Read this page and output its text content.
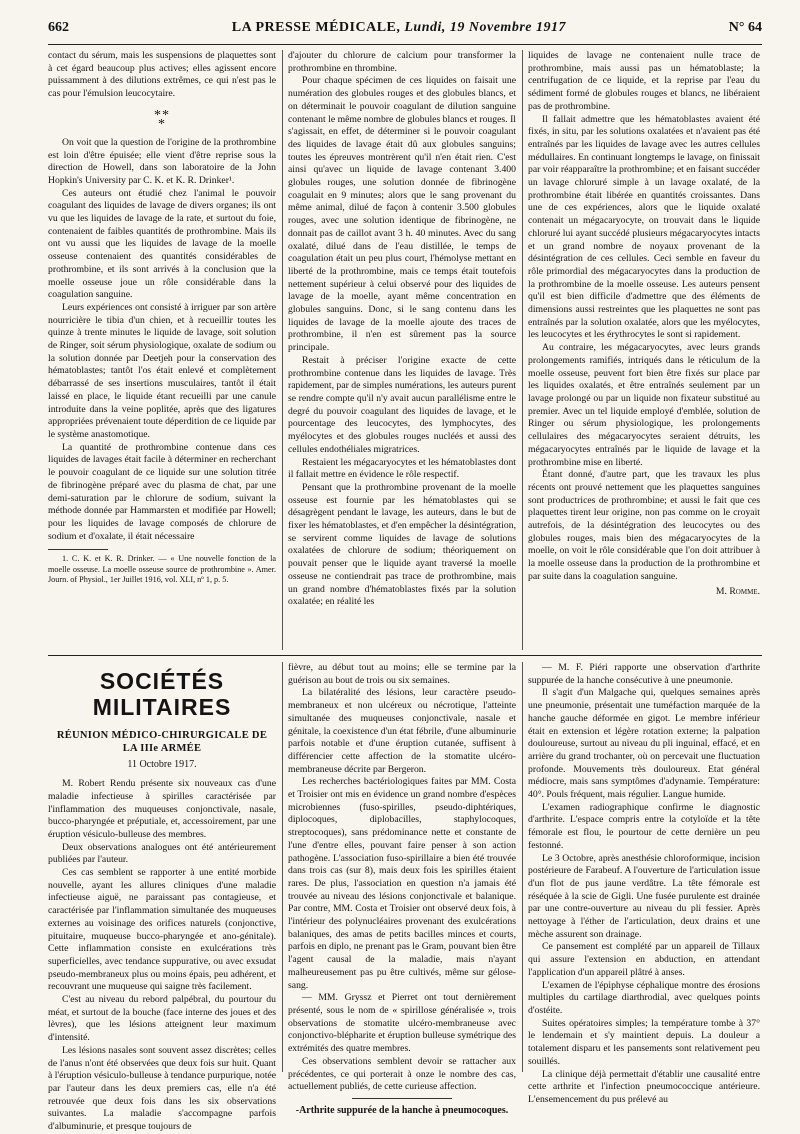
662	LA PRESSE MÉDICALE, Lundi, 19 Novembre 1917	N° 64

contact du sérum, mais les suspensions de plaquettes sont à cet égard beaucoup plus actives; elles agissent encore puissamment à des dilutions extrêmes, ce qui n'est pas le cas pour l'émulsion leucocytaire.

**
*

On voit que la question de l'origine de la prothrombine est loin d'être épuisée; elle vient d'être reprise sous la direction de Howell, dans son laboratoire de la John Hopkin's University par C. K. et K. R. Drinker¹.

Ces auteurs ont étudié chez l'animal le pouvoir coagulant des liquides de lavage de divers organes; ils ont vu que les liquides de lavage de la rate, et surtout du foie, contenaient de faibles quantités de prothrombine. Mais ils ont vu aussi que les liquides de lavage de la moelle osseuse contenaient des quantités considérables de prothrombine, et ils sont arrivés à la conclusion que la moelle osseuse joue un rôle considérable dans la coagulation sanguine.

Leurs expériences ont consisté à irriguer par son artère nourricière le tibia d'un chien, et à recueillir toutes les quinze à trente minutes le liquide de lavage, soit solution de Ringer, soit sérum physiologique, oxalate de sodium ou la solution donnée par Deetjeh pour la conservation des hématoblastes; tantôt l'os était enlevé et complètement débarrassé de ses insertions musculaires, tantôt il était laissé en place, le liquide étant recueilli par une canule introduite dans la veine poplitée, après que des ligatures appropriées prévenaient toute déperdition de ce liquide par le système anastomotique.

La quantité de prothrombine contenue dans ces liquides de lavages était facile à déterminer en recherchant le pouvoir coagulant de ce liquide sur une solution titrée de fibrinogène préparé avec du plasma de chat, par une demi-saturation par le chlorure de sodium, suivant la méthode donnée par Hammarsten et modifiée par Howell; pour les liquides de lavage composés de chlorure de sodium et d'oxalate, il était nécessaire

1. C. K. et K. R. Drinker. — « Une nouvelle fonction de la moelle osseuse. La moelle osseuse source de prothrombine ». Amer. Journ. of Physiol., 1er Juillet 1916, vol. XLI, nº 1, p. 5.

d'ajouter du chlorure de calcium pour transformer la prothrombine en thrombine.

Pour chaque spécimen de ces liquides on faisait une numération des globules rouges et des globules blancs, et on déterminait le pouvoir coagulant de dilution sanguine contenant le même nombre de globules blancs et rouges. Il s'agissait, en effet, de déterminer si le pouvoir coagulant des liquides de lavage était dû aux globules sanguins; toutes les épreuves montrèrent qu'il n'en était rien. C'est ainsi qu'avec un liquide de lavage contenant 3.400 globules rouges, une solution donnée de fibrinogène coagulait en 9 minutes; alors que le sang provenant du même animal, dilué de façon à contenir 3.500 globules rouges, avec une solution identique de fibrinogène, ne donnait pas de caillot avant 3 h. 40 minutes. Avec du sang oxalaté, dilué dans de l'eau distillée, le temps de coagulation était un peu plus court, l'hémolyse mettant en liberté de la prothrombine, mais ce temps était toutefois nettement supérieur à celui observé pour des liquides de lavage de la moelle, ayant même concentration en globules sanguins. Donc, si le sang contenu dans les liquides de lavage de la moelle ajoute des traces de prothrombine, il n'en est sûrement pas la source principale.

Restait à préciser l'origine exacte de cette prothrombine contenue dans les liquides de lavage. Très rapidement, par de simples numérations, les auteurs purent se rendre compte qu'il n'y avait aucun parallélisme entre le degré du pouvoir coagulant des liquides de lavage, et le pourcentage des leucocytes, des lymphocytes, des myélocytes et des globules rouges nucléés et aussi des cellules endothéliales migratrices.

Restaient les mégacaryocytes et les hématoblastes dont il fallait mettre en évidence le rôle respectif.

Pensant que la prothrombine provenant de la moelle osseuse est fournie par les hématoblastes qui se désagrègent pendant le lavage, les auteurs, dans le but de fixer les hématoblastes, et d'en empêcher la désintégration, se servirent comme liquides de lavage de solutions oxalatées de chlorure de sodium; théoriquement on pouvait penser que le liquide ayant traversé la moelle osseuse ne contiendrait pas trace de prothrombine, mais un grand nombre d'hématoblastes fixés par la solution oxalatée; en réalité les

liquides de lavage ne contenaient nulle trace de prothrombine, mais aussi pas un hématoblaste; la centrifugation de ce liquide, et la reprise par l'eau du sédiment formé de globules rouges et blancs, ne libéraient pas de prothrombine.

Il fallait admettre que les hématoblastes avaient été fixés, in situ, par les solutions oxalatées et n'avaient pas été entraînés par les liquides de lavage avec les autres cellules médullaires. En continuant longtemps le lavage, on finissait par voir réapparaître la prothrombine; et en faisant succéder un lavage chloruré simple à un lavage oxalaté, de la prothrombine était libérée en quantités croissantes. Dans une de ces expériences, alors que le liquide oxalaté contenait un mégacaryocyte, on trouvait dans le liquide chloruré lui ayant succédé plusieurs mégacaryocytes intacts et un grand nombre de noyaux provenant de la désintégration de ces cellules. Ceci semble en faveur du rôle primordial des mégacaryocytes dans la production de la prothrombine de la moelle osseuse. Les auteurs pensent qu'il est bien difficile d'admettre que des éléments de dimensions aussi restreintes que les plaquettes ne sont pas entraînés par la solution oxalatée, alors que les myélocytes, les leucocytes et les érythrocytes le sont si rapidement.

Au contraire, les mégacaryocytes, avec leurs grands prolongements ramifiés, intriqués dans le réticulum de la moelle osseuse, peuvent fort bien être fixés sur place par les liquides oxalatés, et être entraînés seulement par un lavage prolongé ou par un liquide non fixateur substitué au premier. Avec un tel liquide employé d'emblée, solution de Ringer ou sérum physiologique, les prolongements cellulaires des mégacaryocytes seraient détruits, les mégacaryocytes entraînés par le liquide de lavage et la prothrombine mise en liberté.

Étant donné, d'autre part, que les travaux les plus récents ont prouvé nettement que les plaquettes sanguines sont productrices de prothrombine; et aussi le fait que ces plaquettes tirent leur origine, non pas comme on le croyait autrefois, de la désintégration des leucocytes ou des globules rouges, mais bien des mégacaryocytes de la moelle, on voit le rôle considérable que l'on doit attribuer à la moelle osseuse dans la production de la prothrombine et par suite dans la coagulation sanguine.

M. Romme.
SOCIÉTÉS MILITAIRES
RÉUNION MÉDICO-CHIRURGICALE DE LA IIIe ARMÉE
11 Octobre 1917.

M. Robert Rendu présente six nouveaux cas d'une maladie infectieuse à spirilles caractérisée par l'inflammation des muqueuses conjonctivale, nasale, bucco-pharyngée et préputiale, et, accessoirement, par une éruption vésiculo-bulleuse des membres.

Deux observations analogues ont été antérieurement publiées par l'auteur.

Ces cas semblent se rapporter à une entité morbide nouvelle, ayant les allures cliniques d'une maladie infectieuse aiguë, ne paraissant pas contagieuse, et caractérisée par l'inflammation simultanée des muqueuses externes au voisinage des orifices naturels (conjonctive, pituitaire, muqueuse bucco-pharyngée et ano-génitale). Cette inflammation consiste en exulcérations très superficielles, avec tendance suppurative, ou avec exsudat pseudo-membraneux plus ou moins épais, peu adhérent, et recouvrant une muqueuse qui saigne très facilement.

C'est au niveau du rebord palpébral, du pourtour du méat, et surtout de la bouche (face interne des joues et des lèvres), que les lésions atteignent leur maximum d'intensité.

Les lésions nasales sont souvent assez discrètes; celles de l'anus n'ont été observées que deux fois sur huit. Quant à l'éruption vésiculo-bulleuse à tendance purpurique, notée par l'auteur dans les deux premiers cas, elle n'a été retrouvée que deux fois dans les six observations suivantes. La maladie s'accompagne parfois d'albuminurie, et presque toujours de

fièvre, au début tout au moins; elle se termine par la guérison au bout de trois ou six semaines.

La bilatéralité des lésions, leur caractère pseudo-membraneux et non ulcéreux ou nécrotique, l'atteinte simultanée des muqueuses conjonctivale, nasale et génitale, la coexistence d'un état fébrile, d'une albuminurie parfois notable et d'une éruption cutanée, suffisent à différencier cette affection de la stomatite ulcéro-membraneuse décrite par Bergeron.

Les recherches bactériologiques faites par MM. Costa et Troisier ont mis en évidence un grand nombre d'espèces microbiennes (fuso-spirilles, pseudo-diphtériques, diplocoques, diplobacilles, staphylocoques, streptocoques), sans prédominance nette et constante de l'une d'entre elles, pouvant faire penser à son action pathogène. L'association fuso-spirillaire a bien été trouvée dans trois cas (sur 8), mais deux fois les spirilles étaient rares. De plus, l'association en question n'a jamais été trouvée au niveau des lésions conjonctivale et balanique. Par contre, MM. Costa et Troisier ont observé deux fois, à l'intérieur des polynucléaires provenant des exulcérations balaniques, des amas de petits bacilles minces et courts, parfois en diplo, ne prenant pas le Gram, pouvant bien être l'agent causal de la maladie, mais n'ayant malheureusement pas pu être cultivés, même sur gélose-sang.

— MM. Gryssz et Pierret ont tout dernièrement présenté, sous le nom de « spirillose généralisée », trois observations de stomatite ulcéro-membraneuse avec conjonctivo-blépharite et éruption bulleuse symétrique des extrémités des quatre membres.

Ces observations semblent devoir se rattacher aux précédentes, ce qui porterait à onze le nombre des cas, actuellement publiés, de cette curieuse affection.

-Arthrite suppurée de la hanche à pneumocoques.

— M. F. Piéri rapporte une observation d'arthrite suppurée de la hanche consécutive à une pneumonie.

Il s'agit d'un Malgache qui, quelques semaines après une pneumonie, présentait une tuméfaction marquée de la hanche gauche déformée en gigot. Le membre inférieur était en extension et légère rotation externe; la palpation douloureuse, surtout au niveau du pli inguinal, effacé, et en arrière du grand trochanter, où on percevait une fluctuation profonde. Mouvements très douloureux. Etat général médiocre, mais sans symptômes d'adynamie. Température: 40°. Pouls fréquent, mais régulier. Langue humide.

L'examen radiographique confirme le diagnostic d'arthrite. L'espace compris entre la cotyloïde et la tête fémorale est flou, le pourtour de cette dernière un peu festonné.

Le 3 Octobre, après anesthésie chloroformique, incision postérieure de Farabeuf. A l'ouverture de l'articulation issue d'un flot de pus jaune verdâtre. La tête fémorale est réséquée à la scie de Gigli. Une fusée purulente est drainée par une contre-ouverture au niveau du pli fessier. Après nettoyage à l'éther de l'articulation, deux drains et une mèche assurent son drainage.

Ce pansement est complété par un appareil de Tillaux qui assure l'extension en abduction, en attendant l'application d'un appareil plâtré à anses.

L'examen de l'épiphyse céphalique montre des érosions multiples du cartilage diarthrodial, avec quelques points d'ostéite.

Suites opératoires simples; la température tombe à 37° le lendemain et s'y maintient depuis. La douleur a totalement disparu et les pansements sont relativement peu souillés.

La clinique déjà permettait d'établir une causalité entre cette arthrite et l'infection pneumococcique antérieure. L'ensemencement du pus prélevé au
